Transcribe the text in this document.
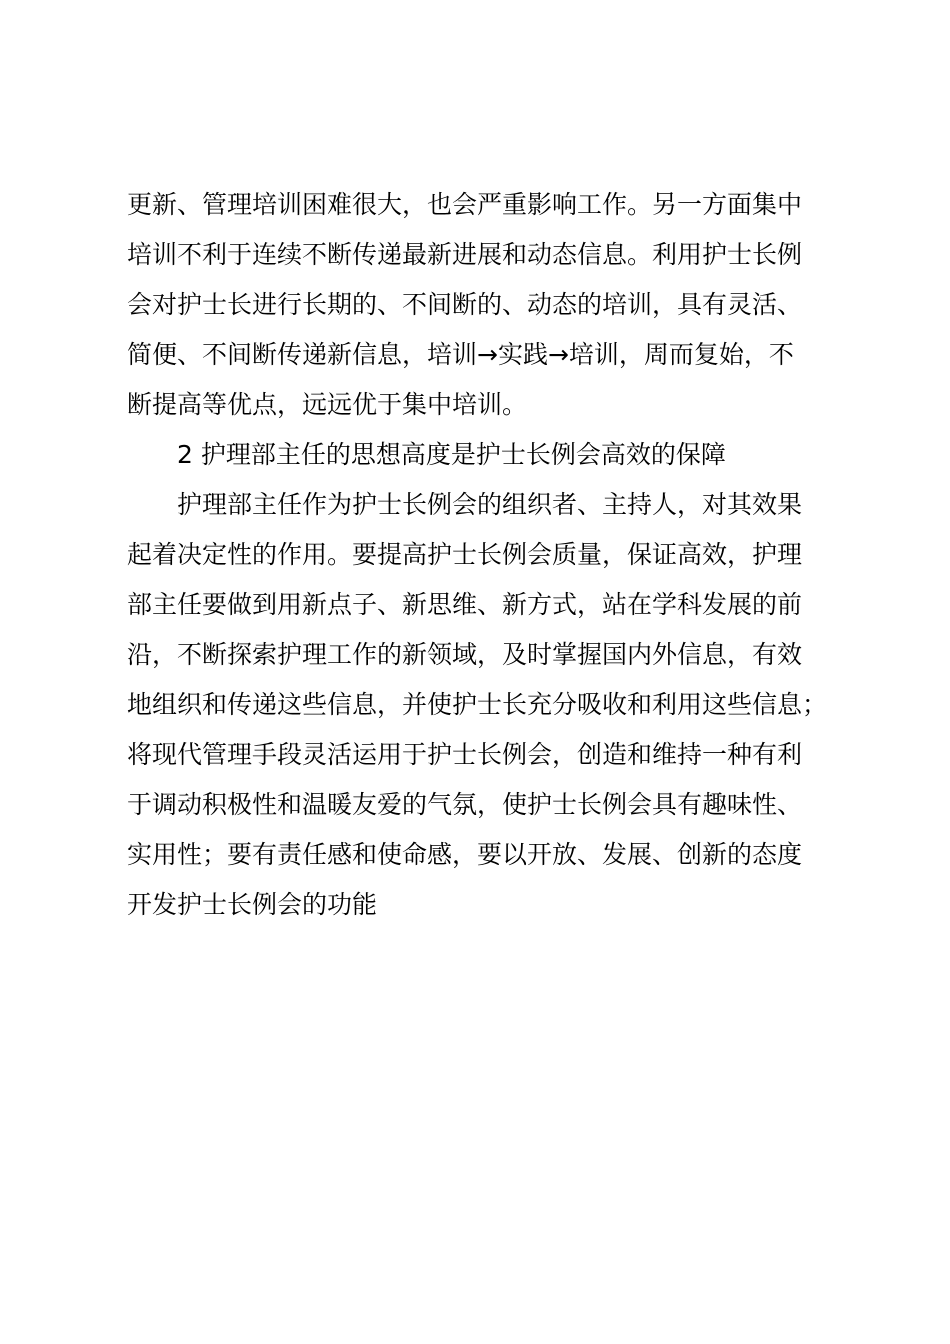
更新、管理培训困难很大，也会严重影响工作。另一方面集中
培训不利于连续不断传递最新进展和动态信息。利用护士长例
会对护士长进行长期的、不间断的、动态的培训，具有灵活、
简便、不间断传递新信息，培训→实践→培训，周而复始，不
断提高等优点，远远优于集中培训。
2 护理部主任的思想高度是护士长例会高效的保障
护理部主任作为护士长例会的组织者、主持人，对其效果
起着决定性的作用。要提高护士长例会质量，保证高效，护理
部主任要做到用新点子、新思维、新方式，站在学科发展的前
沿，不断探索护理工作的新领域，及时掌握国内外信息，有效
地组织和传递这些信息，并使护士长充分吸收和利用这些信息；
将现代管理手段灵活运用于护士长例会，创造和维持一种有利
于调动积极性和温暖友爱的气氛，使护士长例会具有趣味性、
实用性；要有责任感和使命感，要以开放、发展、创新的态度
开发护士长例会的功能
